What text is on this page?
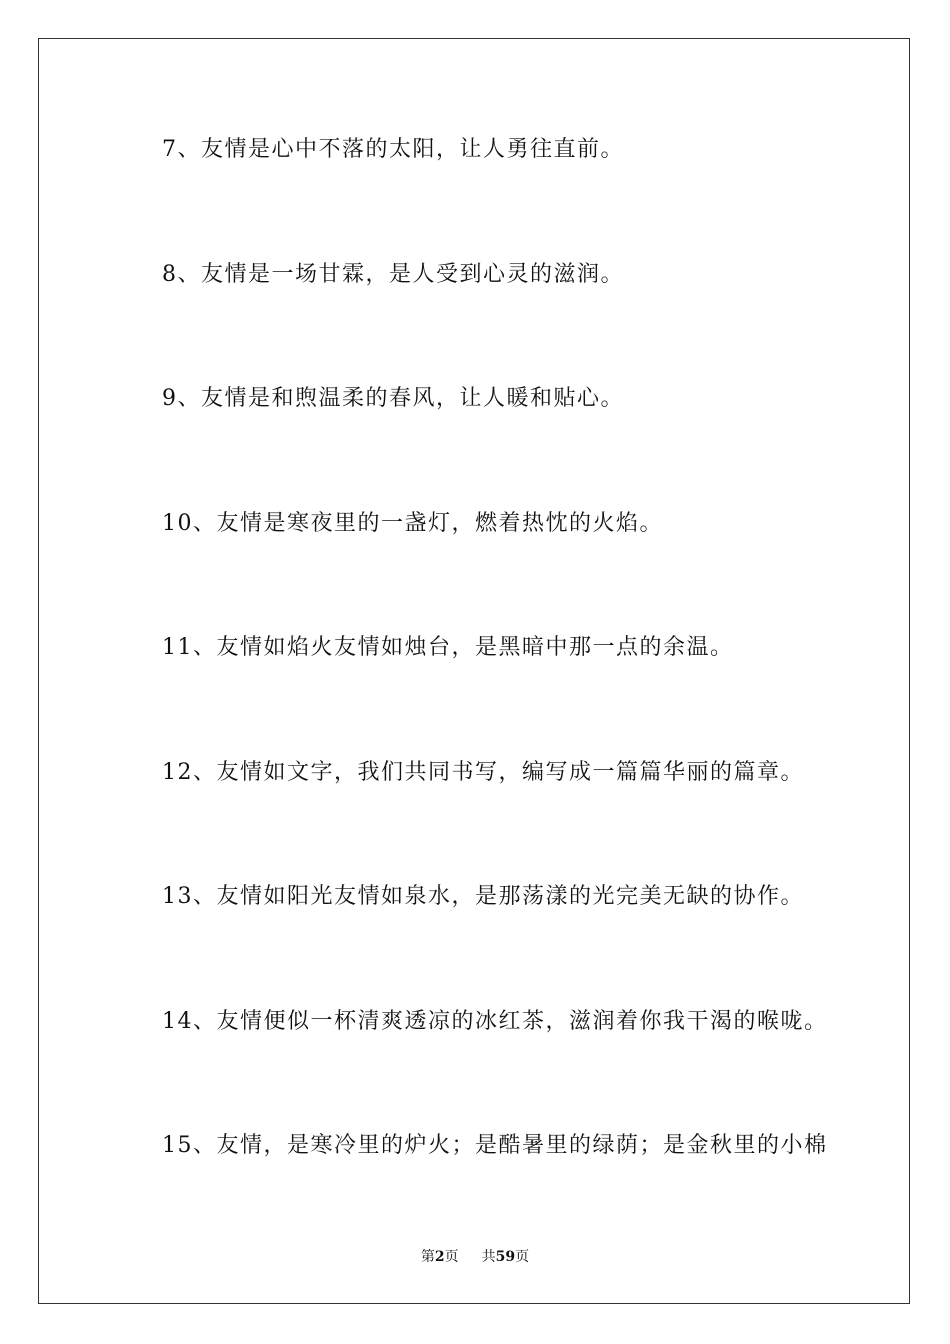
7、友情是心中不落的太阳，让人勇往直前。
8、友情是一场甘霖，是人受到心灵的滋润。
9、友情是和煦温柔的春风，让人暖和贴心。
10、友情是寒夜里的一盏灯，燃着热忱的火焰。
11、友情如焰火友情如烛台，是黑暗中那一点的余温。
12、友情如文字，我们共同书写，编写成一篇篇华丽的篇章。
13、友情如阳光友情如泉水，是那荡漾的光完美无缺的协作。
14、友情便似一杯清爽透凉的冰红茶，滋润着你我干渴的喉咙。
15、友情，是寒冷里的炉火；是酷暑里的绿荫；是金秋里的小棉
第2页 共59页
